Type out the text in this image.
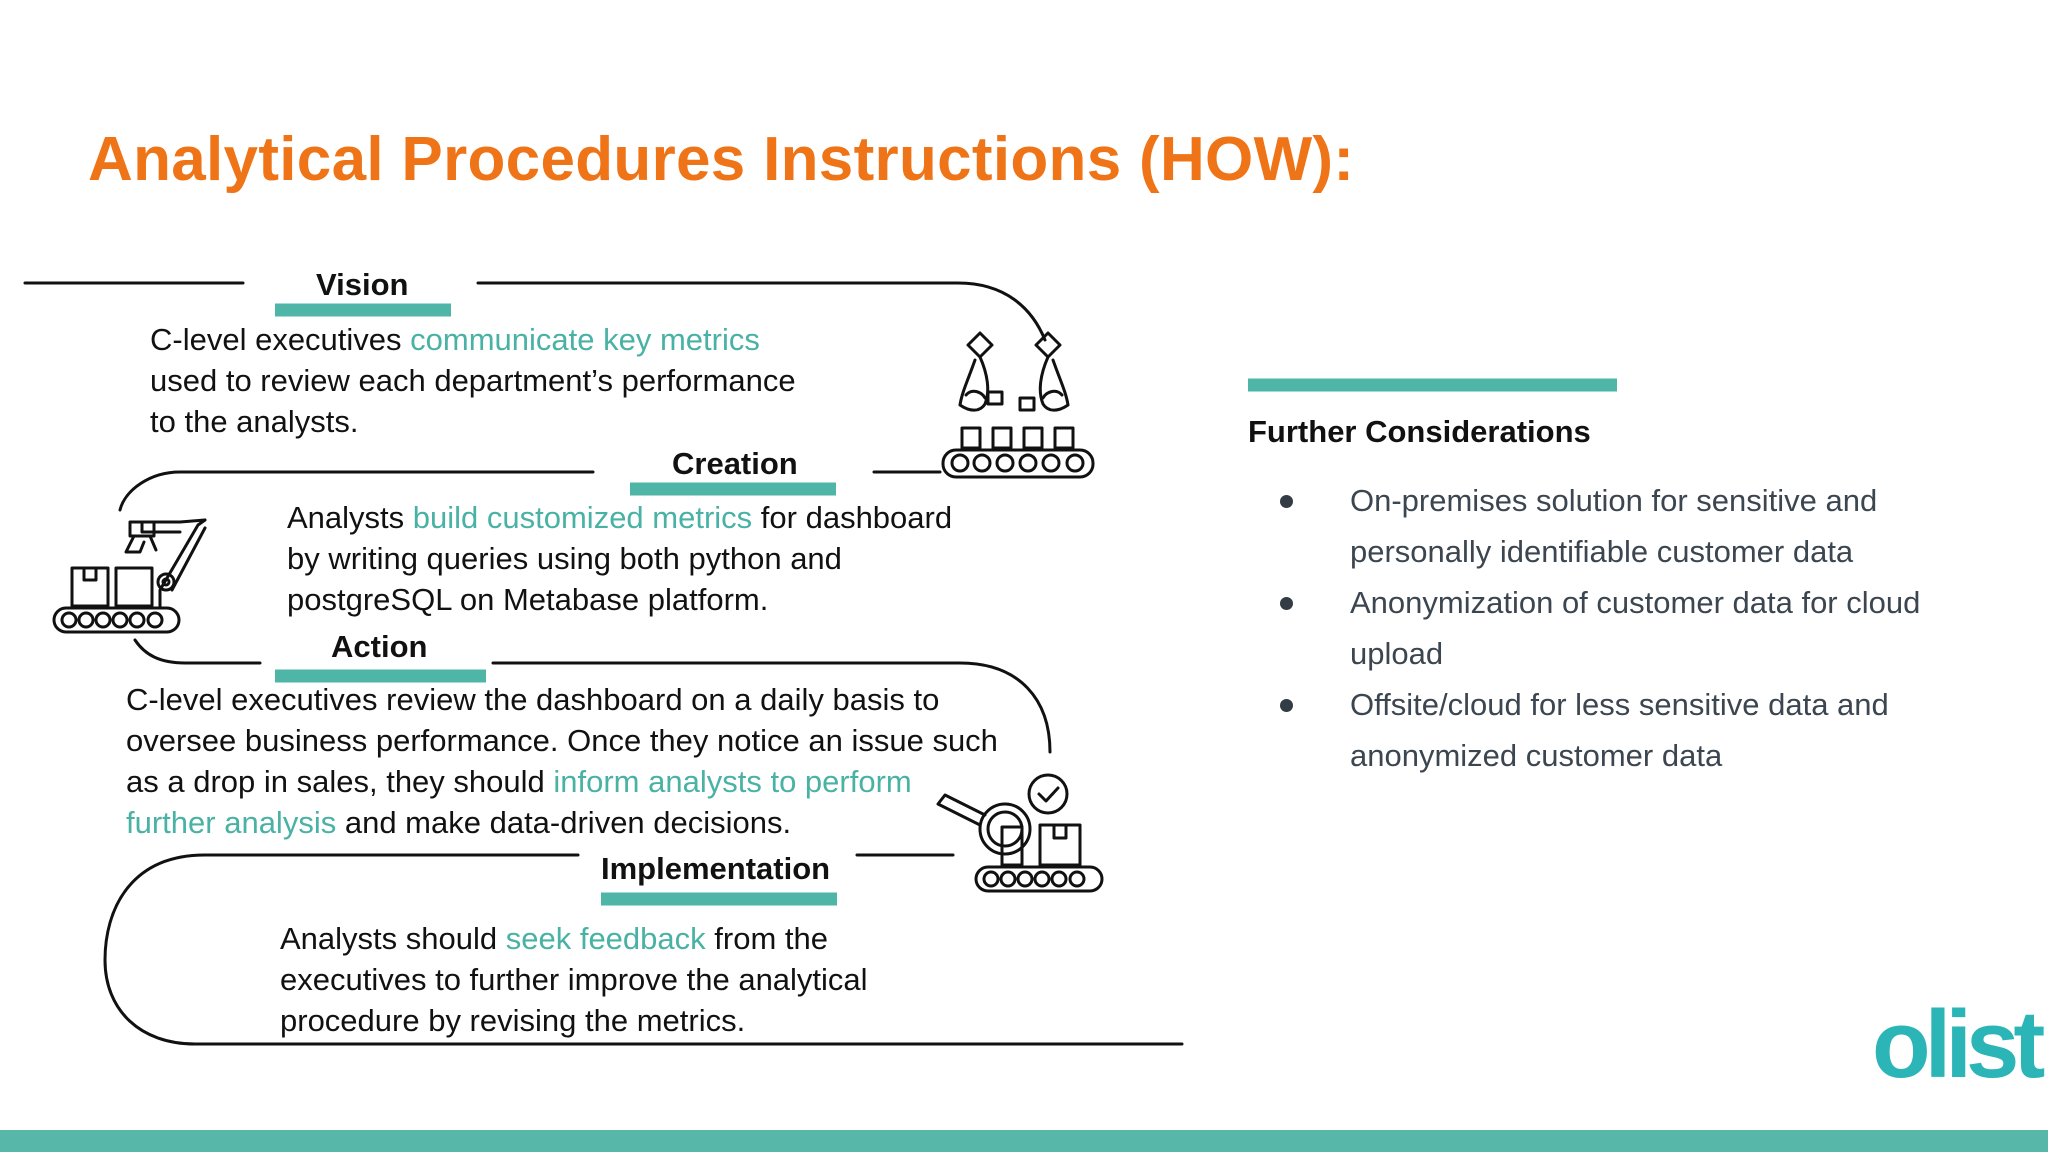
Analytical Procedures Instructions (HOW):
Vision

C-level executives communicate key metrics
used to review each department’s performance
to the analysts.

Creation

Analysts build customized metrics for dashboard
by writing queries using both python and
postgreSQL on Metabase platform.

Action

C-level executives review the dashboard on a daily basis to
oversee business performance. Once they notice an issue such
as a drop in sales, they should inform analysts to perform
further analysis and make data-driven decisions.

Implementation

Analysts should seek feedback from the
executives to further improve the analytical
procedure by revising the metrics.

Further Considerations
On-premises solution for sensitive and personally identifiable customer data
Anonymization of customer data for cloud upload
Offsite/cloud for less sensitive data and anonymized customer data
olist
